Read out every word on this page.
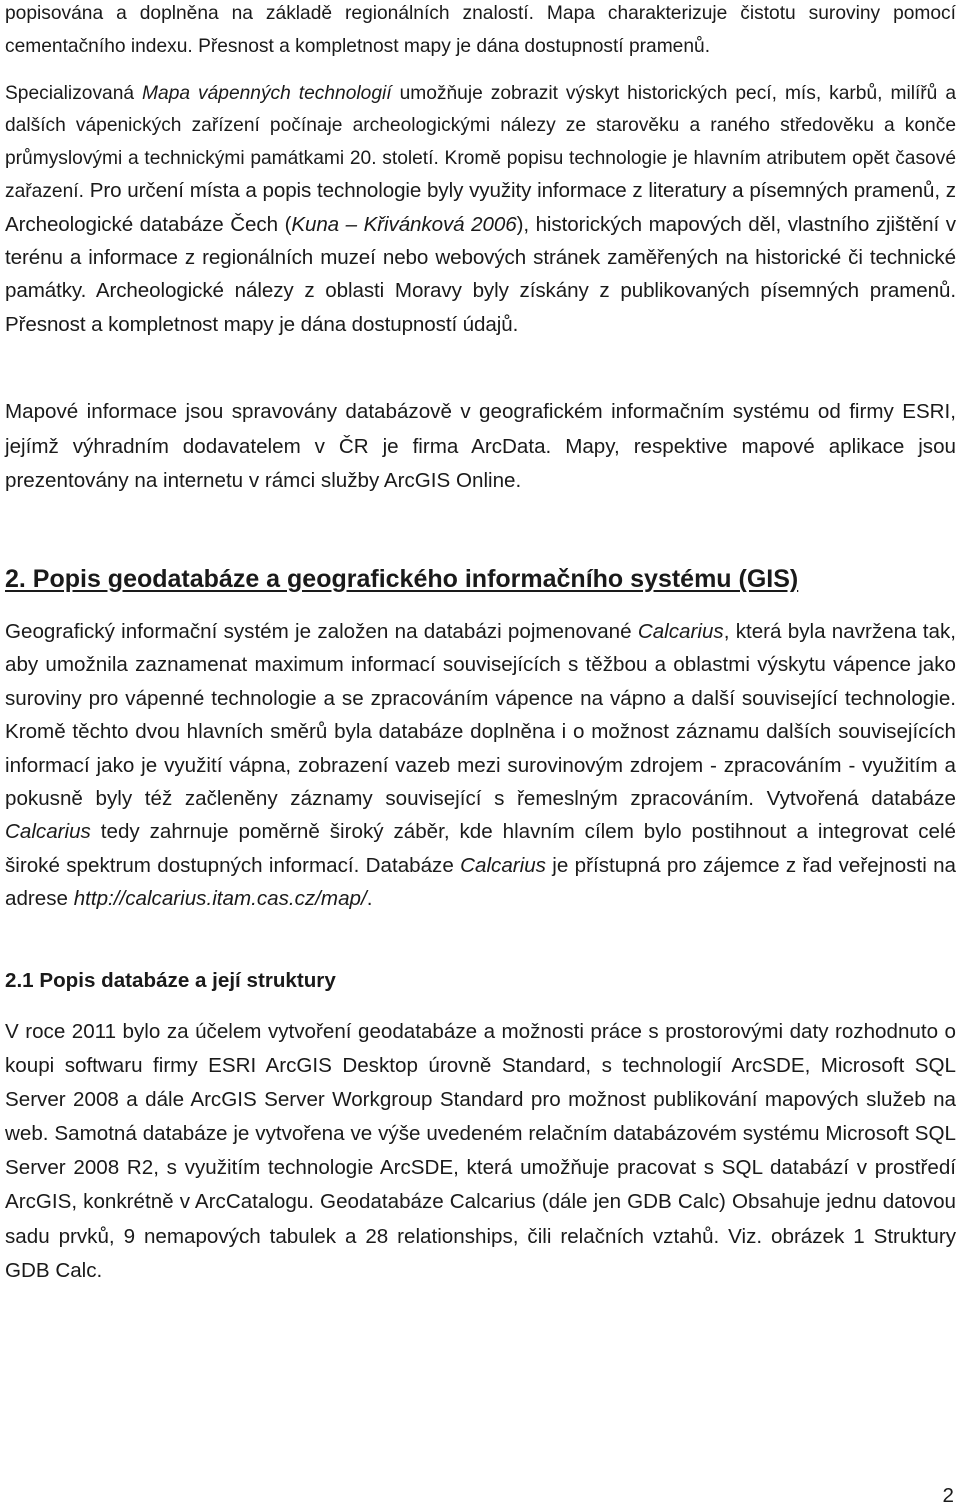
popisována a doplněna na základě regionálních znalostí. Mapa charakterizuje čistotu suroviny pomocí cementačního indexu. Přesnost a kompletnost mapy je dána dostupností pramenů.

Specializovaná Mapa vápenných technologií umožňuje zobrazit výskyt historických pecí, mís, karbů, milířů a dalších vápenických zařízení počínaje archeologickými nálezy ze starověku a raného středověku a konče průmyslovými a technickými památkami 20. století. Kromě popisu technologie je hlavním atributem opět časové zařazení. Pro určení místa a popis technologie byly využity informace z literatury a písemných pramenů, z Archeologické databáze Čech (Kuna – Křivánková 2006), historických mapových děl, vlastního zjištění v terénu a informace z regionálních muzeí nebo webových stránek zaměřených na historické či technické památky. Archeologické nálezy z oblasti Moravy byly získány z publikovaných písemných pramenů. Přesnost a kompletnost mapy je dána dostupností údajů.

Mapové informace jsou spravovány databázově v geografickém informačním systému od firmy ESRI, jejímž výhradním dodavatelem v ČR je firma ArcData. Mapy, respektive mapové aplikace jsou prezentovány na internetu v rámci služby ArcGIS Online.

2. Popis geodatabáze a geografického informačního systému (GIS)

Geografický informační systém je založen na databázi pojmenované Calcarius, která byla navržena tak, aby umožnila zaznamenat maximum informací souvisejících s těžbou a oblastmi výskytu vápence jako suroviny pro vápenné technologie a se zpracováním vápence na vápno a další související technologie. Kromě těchto dvou hlavních směrů byla databáze doplněna i o možnost záznamu dalších souvisejících informací jako je využití vápna, zobrazení vazeb mezi surovinovým zdrojem - zpracováním - využitím a pokusně byly též začleněny záznamy související s řemeslným zpracováním. Vytvořená databáze Calcarius tedy zahrnuje poměrně široký záběr, kde hlavním cílem bylo postihnout a integrovat celé široké spektrum dostupných informací. Databáze Calcarius je přístupná pro zájemce z řad veřejnosti na adrese http://calcarius.itam.cas.cz/map/.

2.1 Popis databáze a její struktury

V roce 2011 bylo za účelem vytvoření geodatabáze a možnosti práce s prostorovými daty rozhodnuto o koupi softwaru firmy ESRI ArcGIS Desktop úrovně Standard, s technologií ArcSDE, Microsoft SQL Server 2008 a dále ArcGIS Server Workgroup Standard pro možnost publikování mapových služeb na web. Samotná databáze je vytvořena ve výše uvedeném relačním databázovém systému Microsoft SQL Server 2008 R2, s využitím technologie ArcSDE, která umožňuje pracovat s SQL databází v prostředí ArcGIS, konkrétně v ArcCatalogu. Geodatabáze Calcarius (dále jen GDB Calc) Obsahuje jednu datovou sadu prvků, 9 nemapových tabulek a 28 relationships, čili relačních vztahů. Viz. obrázek 1 Struktury GDB Calc.

2
